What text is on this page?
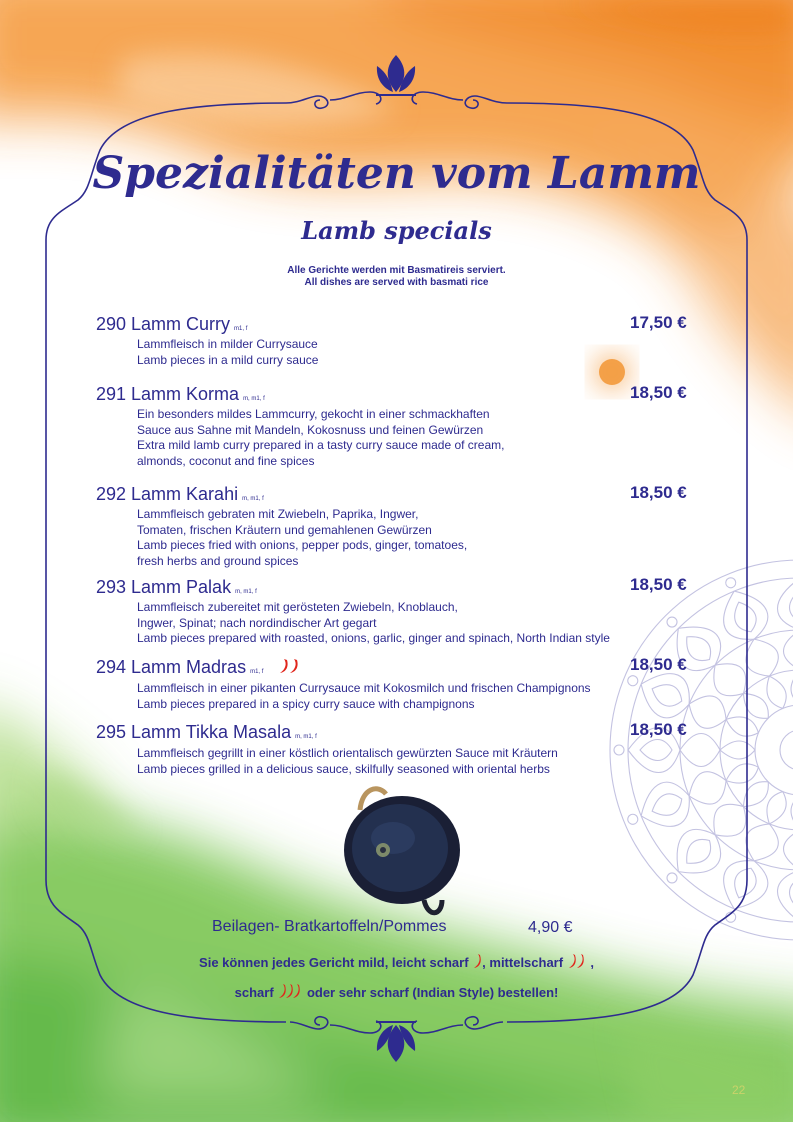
Spezialitäten vom Lamm
Lamb specials
Alle Gerichte werden mit Basmatireis serviert.
All dishes are served with basmati rice
290 Lamm Curry m1, f	17,50 €
Lammfleisch in milder Currysauce
Lamb pieces in a mild curry sauce
291 Lamm Korma m, m1, f	18,50 €
Ein besonders mildes Lammcurry, gekocht in einer schmackhaften
Sauce aus Sahne mit Mandeln, Kokosnuss und feinen Gewürzen
Extra mild lamb curry prepared in a tasty curry sauce made of cream,
almonds, coconut and fine spices
292 Lamm Karahi m, m1, f	18,50 €
Lammfleisch gebraten mit Zwiebeln, Paprika, Ingwer,
Tomaten, frischen Kräutern und gemahlenen Gewürzen
Lamb pieces fried with onions, pepper pods, ginger, tomatoes,
fresh herbs and ground spices
293 Lamm Palak m, m1, f	18,50 €
Lammfleisch zubereitet mit gerösteten Zwiebeln, Knoblauch,
Ingwer, Spinat; nach nordindischer Art gegart
Lamb pieces prepared with roasted, onions, garlic, ginger and spinach, North Indian style
294 Lamm Madras m1, f	18,50 €
Lammfleisch in einer pikanten Currysauce mit Kokosmilch und frischen Champignons
Lamb pieces prepared in a spicy curry sauce with champignons
295 Lamm Tikka Masala m, m1, f	18,50 €
Lammfleisch gegrillt in einer köstlich orientalisch gewürzten Sauce mit Kräutern
Lamb pieces grilled in a delicious sauce, skilfully seasoned with oriental herbs
Beilagen- Bratkartoffeln/Pommes	4,90 €
Sie können jedes Gericht mild, leicht scharf , mittelscharf  ,
scharf	oder sehr scharf (Indian Style) bestellen!
22
